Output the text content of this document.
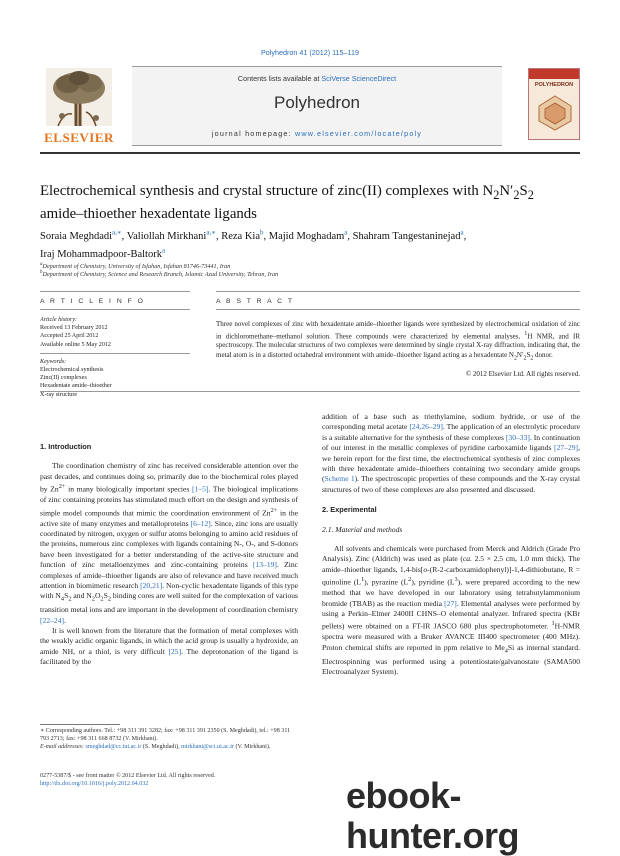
Polyhedron 41 (2012) 115–119
ELSEVIER
Contents lists available at SciVerse ScienceDirect
Polyhedron
journal homepage: www.elsevier.com/locate/poly
POLYHEDRON
Electrochemical synthesis and crystal structure of zinc(II) complexes with $N_2N'_2S_2$
amide–thioether hexadentate ligands
Soraia Meghdadi$^{a,∗}$, Valiollah Mirkhani$^{a,∗}$, Reza Kia$^b$, Majid Moghadam$^a$, Shahram Tangestaninejad$^a$,
Iraj Mohammadpoor-Baltork$^a$
$^a$Department of Chemistry, University of Isfahan, Isfahan 81746-73441, Iran
$^b$Department of Chemistry, Science and Research Branch, Islamic Azad University, Tehran, Iran
A R T I C L E I N F O	A B S T R A C T
Article history:
Received 13 February 2012
Accepted 25 April 2012
Available online 5 May 2012
Keywords:
Electrochemical synthesis
Zinc(II) complexes
Hexadentate amide–thioether
X-ray structure
Three novel complexes of zinc with hexadentate amide–thioether ligands were synthesized by electrochemical oxidation of zinc in dichloromethane–methanol solution. These compounds were characterized by elemental analyses, $^1$H NMR, and IR spectroscopy. The molecular structures of two complexes were determined by single crystal X-ray diffraction, indicating that, the metal atom is in a distorted octahedral environment with amide–thioether ligand acting as a hexadentate $N_2N'_2S_2$ donor.
© 2012 Elsevier Ltd. All rights reserved.
1. Introduction

The coordination chemistry of zinc has received considerable attention over the past decades, and continues doing so, primarily due to the biochemical roles played by $Zn^{2+}$ in many biologically important species [1–5]. The biological implications of zinc containing proteins has stimulated much effort on the design and synthesis of simple model compounds that mimic the coordination environment of $Zn^{2+}$ in the active site of many enzymes and metalloproteins [6–12]. Since, zinc ions are usually coordinated by nitrogen, oxygen or sulfur atoms belonging to amino acid residues of the proteins, numerous zinc complexes with ligands containing N-, O-, and S-donors have been investigated for a better understanding of the active-site structure and function of zinc metalloenzymes and zinc-containing proteins [13–19]. Zinc complexes of amide–thioether ligands are also of relevance and have received much attention in biomimetic research [20,21]. Non-cyclic hexadentate ligands of this type with $N_4S_2$ and $N_2O_2S_2$ binding cores are well suited for the complexation of various transition metal ions and are important in the development of coordination chemistry [22–24].

It is well known from the literature that the formation of metal complexes with the weakly acidic organic ligands, in which the acid group is usually a hydroxide, an amide NH, or a thiol, is very difficult [25]. The deprotonation of the ligand is facilitated by the

addition of a base such as triethylamine, sodium hydride, or use of the corresponding metal acetate [24,26–29]. The application of an electrolytic procedure is a suitable alternative for the synthesis of these complexes [30–33]. In continuation of our interest in the metallic complexes of pyridine carboxamide ligands [27–29], we herein report for the first time, the electrochemical synthesis of zinc complexes with three hexadentate amide–thioethers containing two secondary amide groups (Scheme 1). The spectroscopic properties of these compounds and the X-ray crystal structures of two of these complexes are also presented and discussed.

2. Experimental
2.1. Material and methods

All solvents and chemicals were purchased from Merck and Aldrich (Grade Pro Analysis). Zinc (Aldrich) was used as plate (ca. 2.5 × 2.5 cm, 1.0 mm thick). The amide–thioether ligands, 1,4-bis[o-(R-2-carboxamidophenyl)]-1,4-dithiobutane, R = quinoline $(L^1)$, pyrazine $(L^2)$, pyridine $(L^3)$, were prepared according to the new method that we have developed in our laboratory using tetrabutylammonium bromide (TBAB) as the reaction media [27]. Elemental analyses were performed by using a Perkin–Elmer 2400II CHNS–O elemental analyzer. Infrared spectra (KBr pellets) were obtained on a FT-IR JASCO 680 plus spectrophotometer. $^1$H-NMR spectra were measured with a Bruker AVANCE III400 spectrometer (400 MHz). Proton chemical shifts are reported in ppm relative to $Me_4Si$ as internal standard. Electrospinning was performed using a potentiostate/galvanostate (SAMA500 Electroanalyzer System).

∗ Corresponding authors. Tel.: +98 311 391 3282; fax: +98 311 391 2350 (S. Meghdadi), tel.: +98 311 793 2713; fax: +98 311 668 8732 (V. Mirkhani).
E-mail addresses: smeghdad@cc.iut.ac.ir (S. Meghdadi), mirkhani@sci.ui.ac.ir (V. Mirkhani).
0277-5387/$ - see front matter © 2012 Elsevier Ltd. All rights reserved.
http://dx.doi.org/10.1016/j.poly.2012.04.032	ebook-hunter.org
